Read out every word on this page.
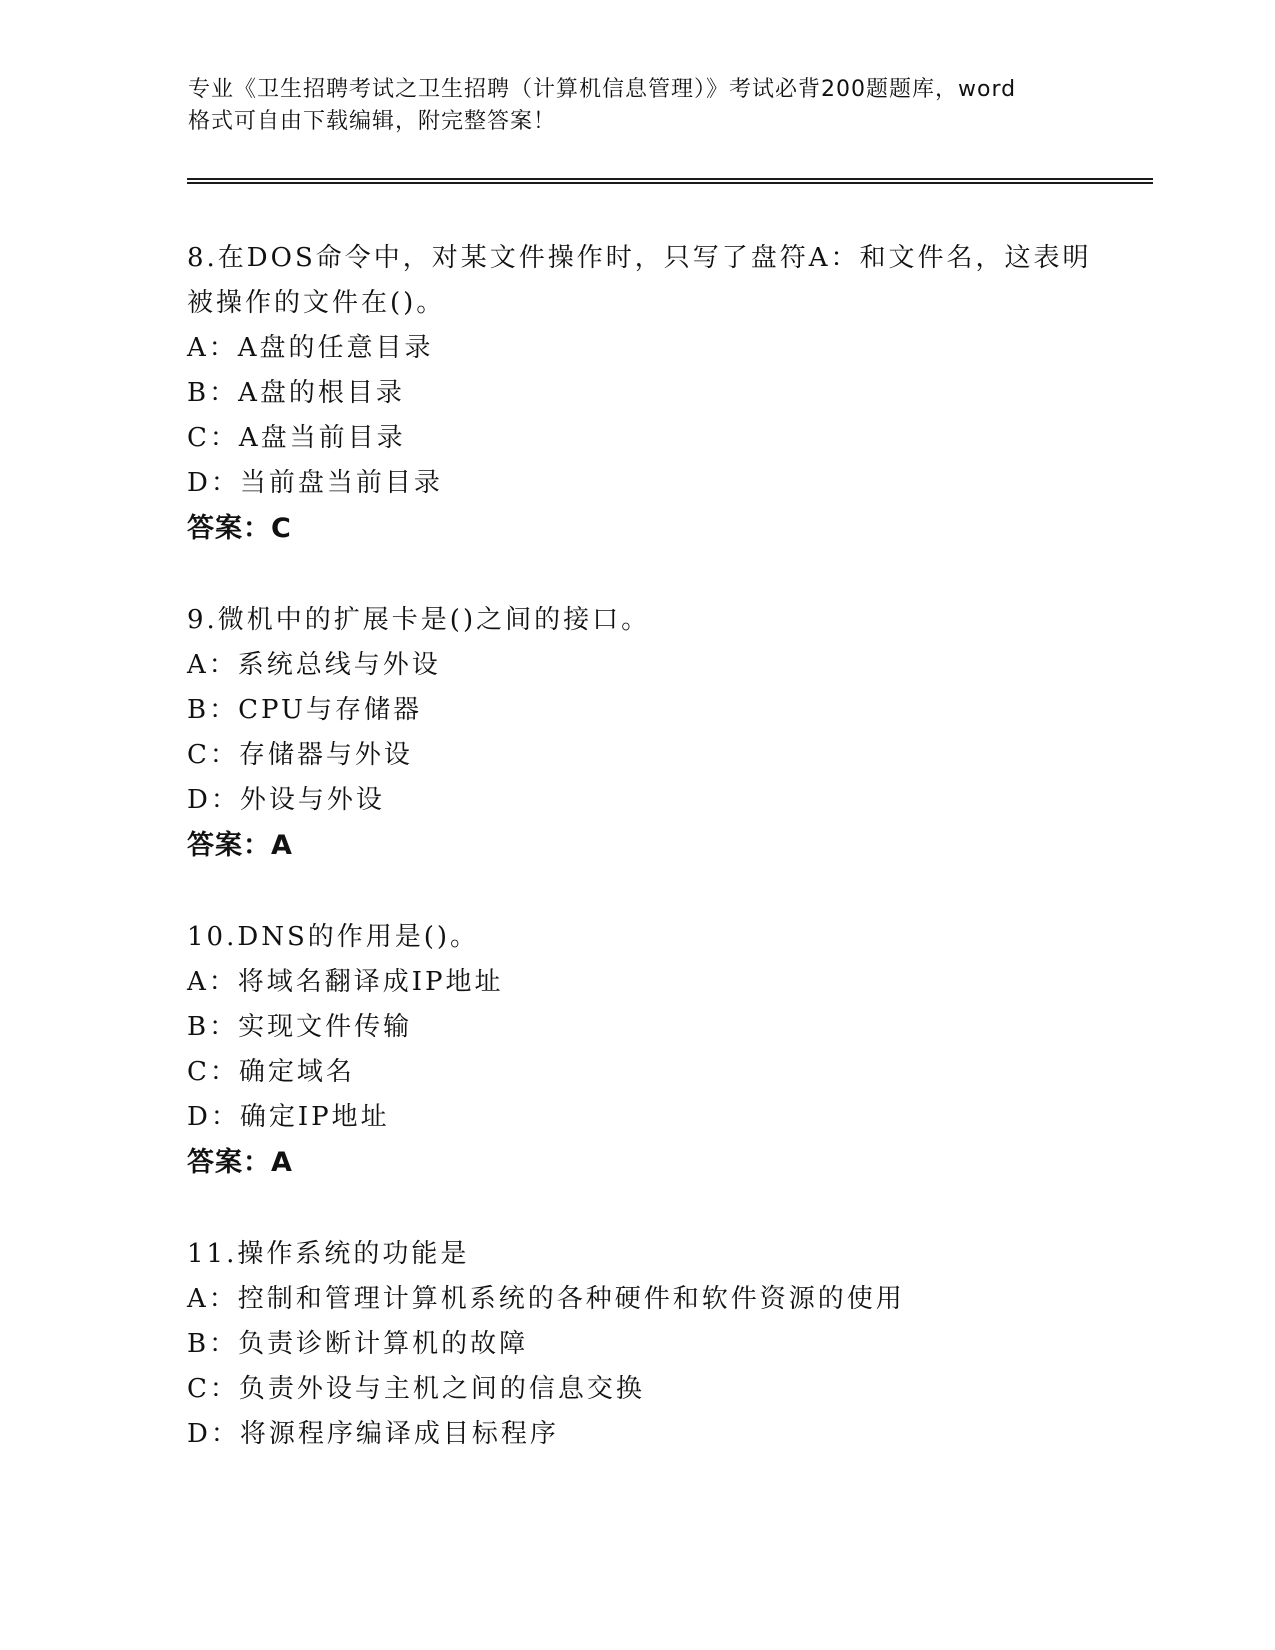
专业《卫生招聘考试之卫生招聘（计算机信息管理）》考试必背200题题库，word
格式可自由下载编辑，附完整答案！
8.在DOS命令中，对某文件操作时，只写了盘符A：和文件名，这表明
被操作的文件在()。
A：A盘的任意目录
B：A盘的根目录
C：A盘当前目录
D：当前盘当前目录
答案：C
9.微机中的扩展卡是()之间的接口。
A：系统总线与外设
B：CPU与存储器
C：存储器与外设
D：外设与外设
答案：A
10.DNS的作用是()。
A：将域名翻译成IP地址
B：实现文件传输
C：确定域名
D：确定IP地址
答案：A
11.操作系统的功能是
A：控制和管理计算机系统的各种硬件和软件资源的使用
B：负责诊断计算机的故障
C：负责外设与主机之间的信息交换
D：将源程序编译成目标程序
